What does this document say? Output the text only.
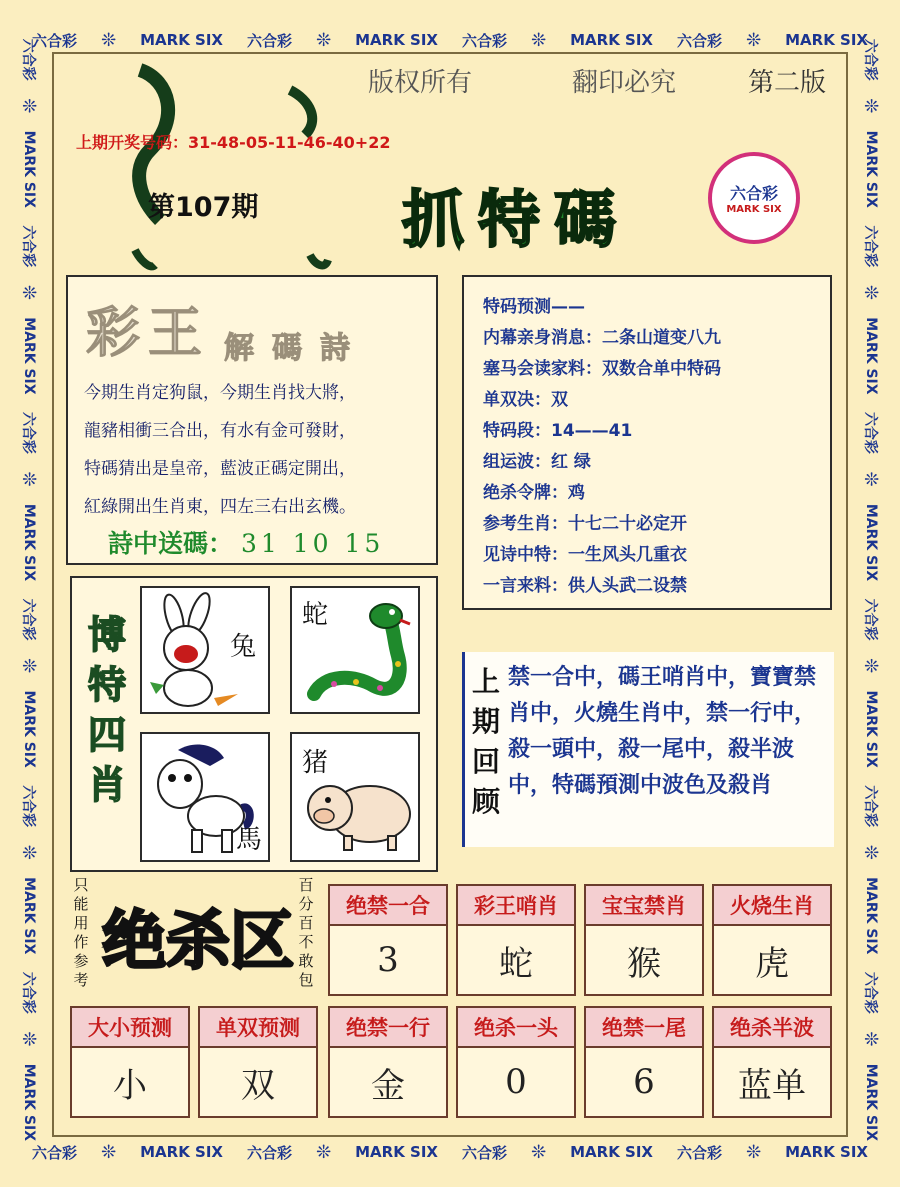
六合彩 ❊ MARK SIX 六合彩 ❊ MARK SIX 六合彩 ❊ MARK SIX 六合彩 ❊ MARK SIX
六合彩 ❊ MARK SIX 六合彩 ❊ MARK SIX 六合彩 ❊ MARK SIX 六合彩 ❊ MARK SIX
六合彩
❊
MARK SIX
六合彩
❊
MARK SIX
六合彩
❊
MARK SIX
六合彩
❊
MARK SIX
六合彩
❊
MARK SIX
六合彩
❊
MARK SIX
六合彩
❊
MARK SIX
六合彩
❊
MARK SIX
六合彩
❊
MARK SIX
六合彩
❊
MARK SIX
六合彩
❊
MARK SIX
六合彩
❊
MARK SIX
版权所有	翻印必究	第二版
上期开奖号码：31-48-05-11-46-40+22
第107期 抓 特 碼	六合彩
MARK SIX
彩 王 解 碼 詩
今期生肖定狗鼠，今期生肖找大將，
龍豬相衝三合出，有水有金可發財，
特碼猜出是皇帝，藍波正碼定開出，
紅綠開出生肖東，四左三右出玄機。
詩中送碼： 31 10 15
特码预测——
内幕亲身消息：二条山道变八九
塞马会读家料：双数合单中特码
单双决：双
特码段：14——41
组运波：红 绿
绝杀令牌：鸡
参考生肖：十七二十必定开
见诗中特：一生风头几重衣
一言来料：供人头武二设禁
博
特
四
肖
兔
蛇
馬
猪
上
期
回
顾
禁一合中，碼王哨肖中，寶寶禁肖中，火燒生肖中，禁一行中，殺一頭中，殺一尾中，殺半波中，特碼預測中波色及殺肖
只能用作参考
绝杀区
百分百不敢包
绝禁一合
3
彩王哨肖
蛇
宝宝禁肖
猴
火烧生肖
虎
大小预测
小
单双预测
双
绝禁一行
金
绝杀一头
0
绝禁一尾
6
绝杀半波
蓝单
